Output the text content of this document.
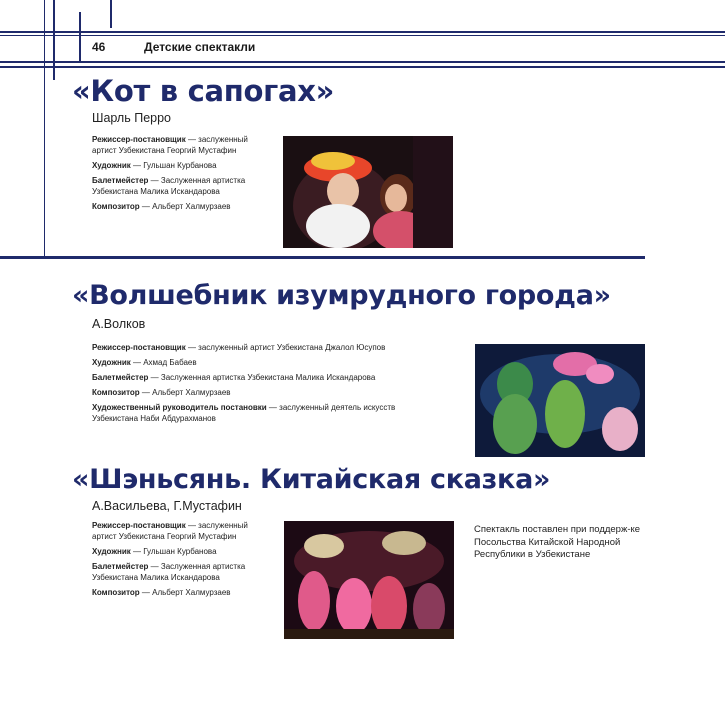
46	Детские спектакли
«Кот в сапогах»
Шарль Перро

Режиссер-постановщик — заслуженный артист Узбекистана Георгий Мустафин

Художник — Гульшан Курбанова

Балетмейстер — Заслуженная артистка Узбекистана Малика Искандарова

Композитор — Альберт Халмурзаев

«Волшебник изумрудного города»
А.Волков

Режиссер-постановщик — заслуженный артист Узбекистана Джалол Юсупов

Художник — Ахмад Бабаев

Балетмейстер — Заслуженная артистка Узбекистана Малика Искандарова

Композитор — Альберт Халмурзаев

Художественный руководитель постановки — заслуженный деятель искусств Узбекистана Наби Абдурахманов

«Шэньсянь. Китайская сказка»
А.Васильева, Г.Мустафин

Режиссер-постановщик — заслуженный артист Узбекистана Георгий Мустафин

Художник — Гульшан Курбанова

Балетмейстер — Заслуженная артистка Узбекистана Малика Искандарова

Композитор — Альберт Халмурзаев

Спектакль поставлен при поддерж-ке Посольства Китайской Народной Республики в Узбекистане
